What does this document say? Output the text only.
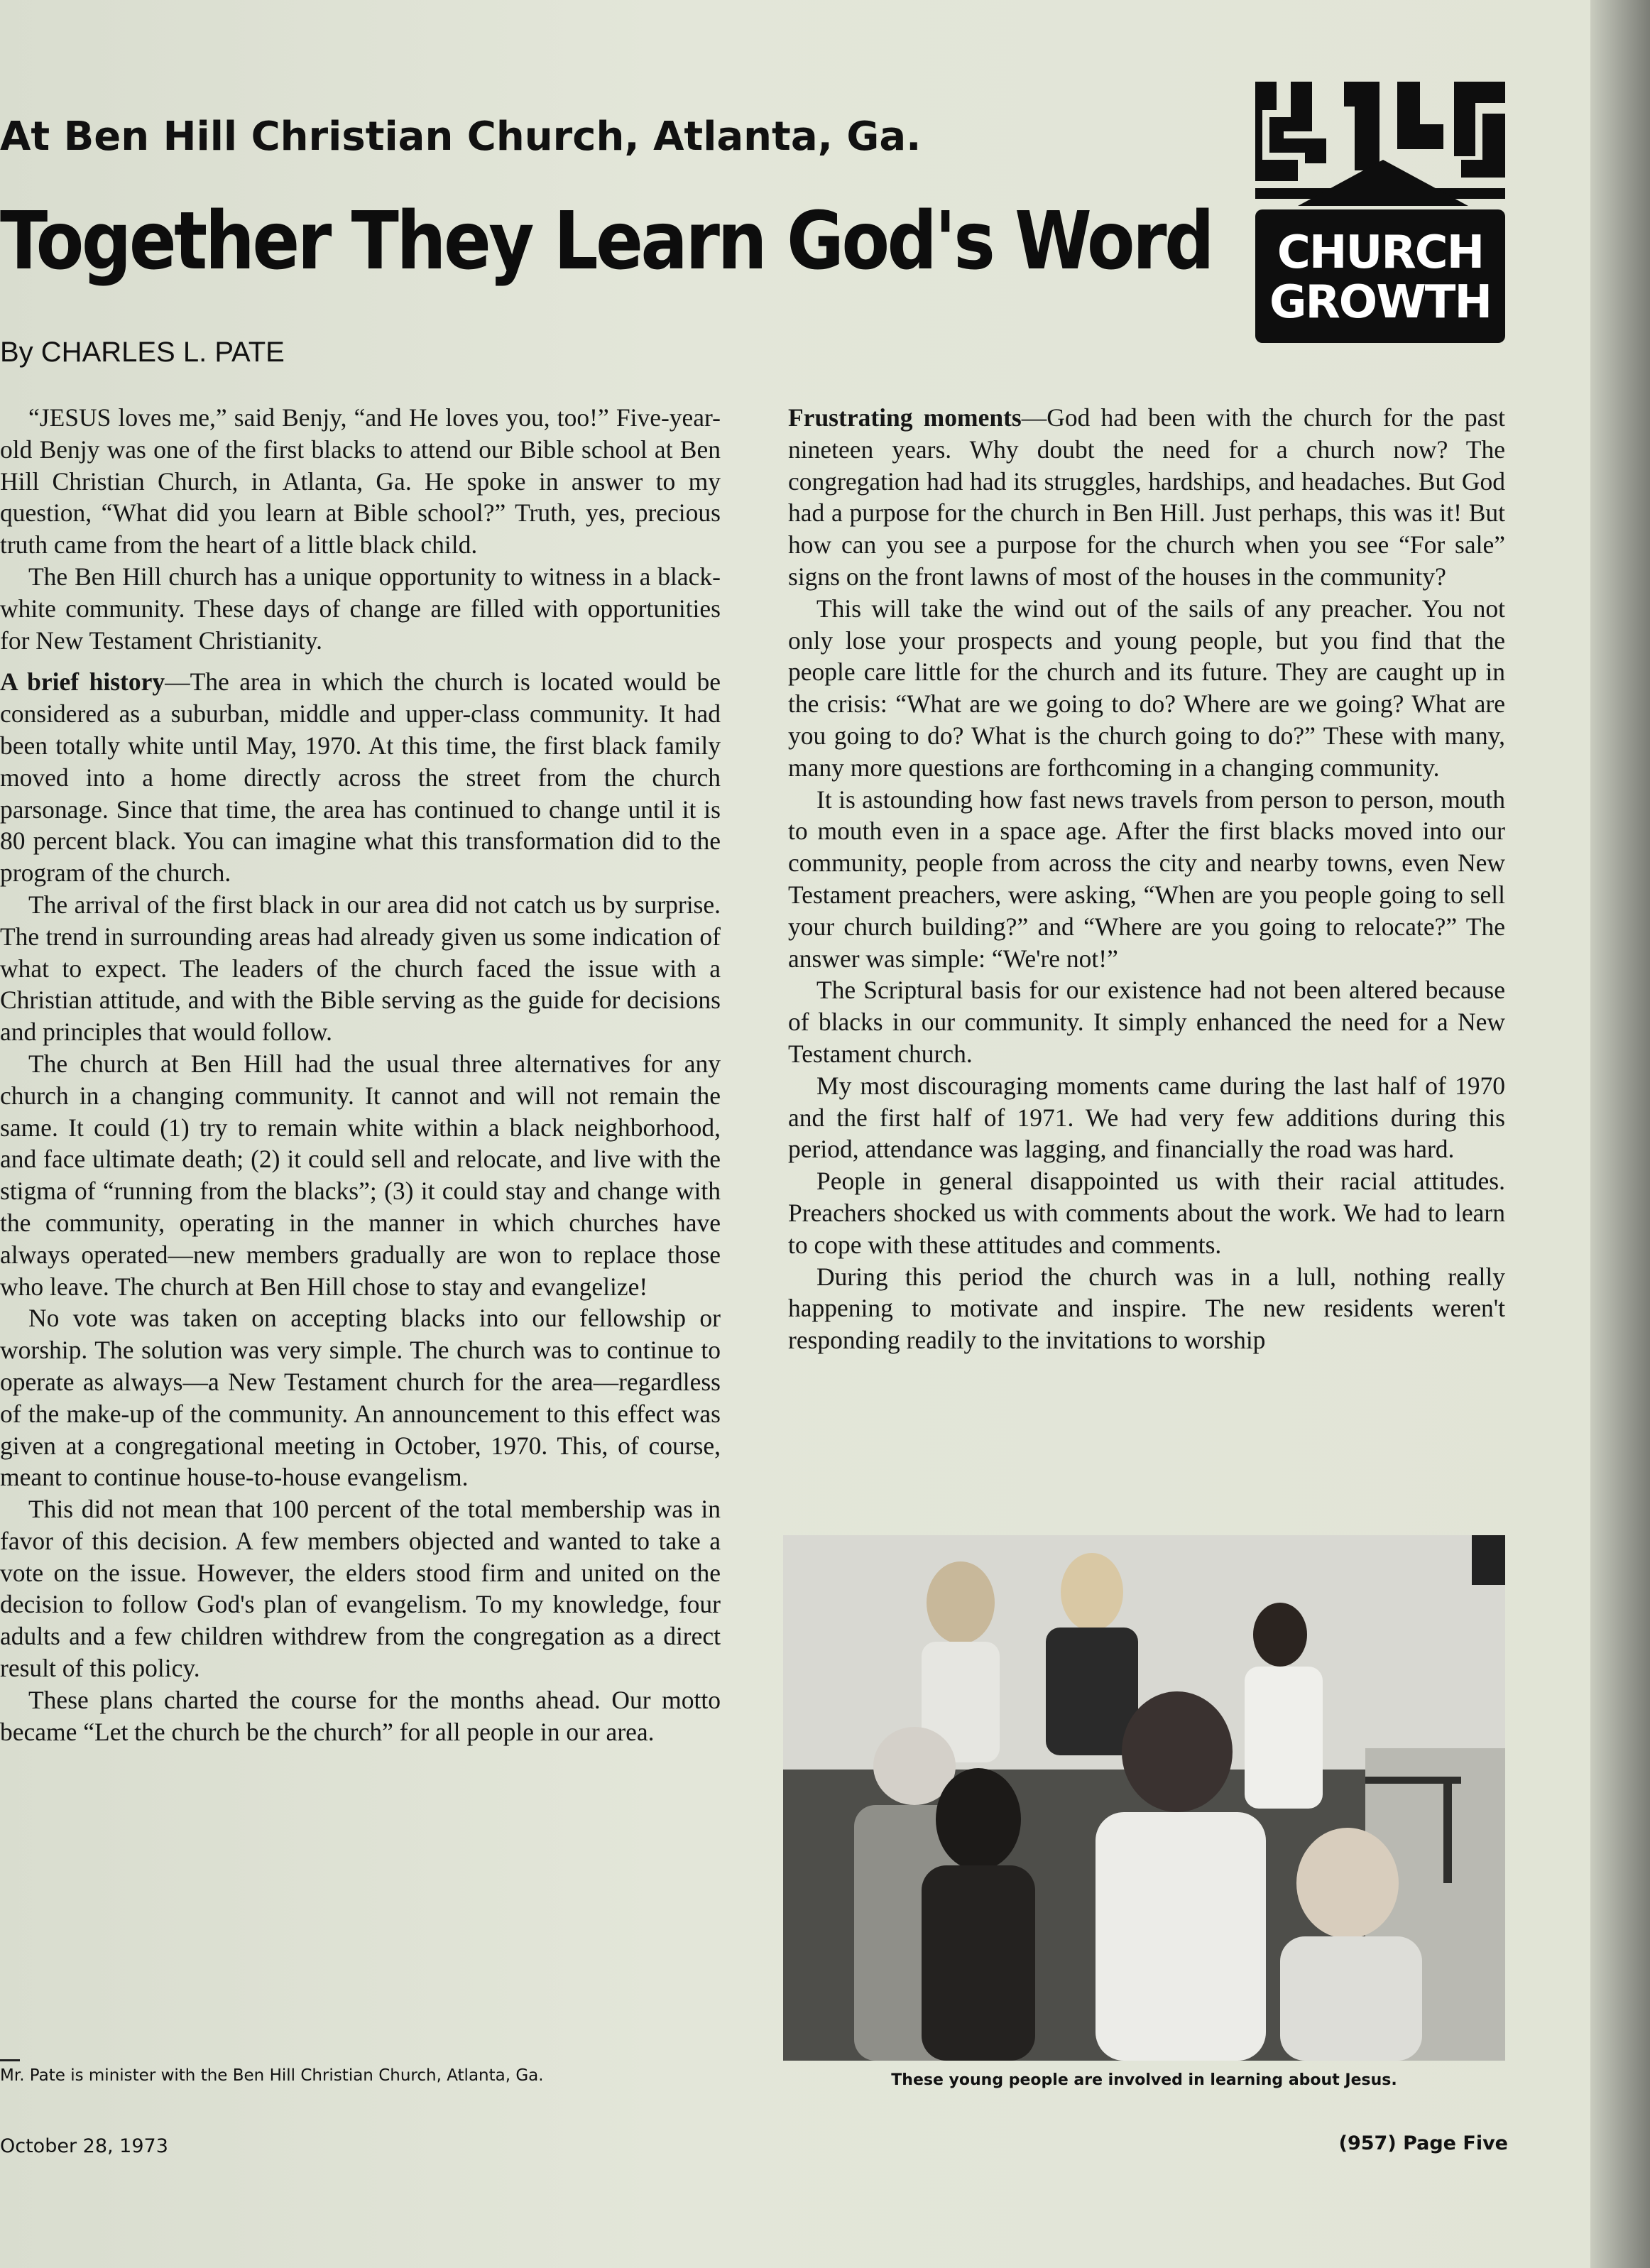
At Ben Hill Christian Church, Atlanta, Ga.
Together They Learn God's Word
By CHARLES L. PATE
CHURCH
GROWTH

“JESUS loves me,” said Benjy, “and He loves you, too!” Five-year-old Benjy was one of the first blacks to attend our Bible school at Ben Hill Christian Church, in Atlanta, Ga. He spoke in answer to my question, “What did you learn at Bible school?” Truth, yes, precious truth came from the heart of a little black child.

The Ben Hill church has a unique opportunity to witness in a black-white community. These days of change are filled with opportunities for New Testament Christianity.

A brief history—The area in which the church is located would be considered as a suburban, middle and upper-class community. It had been totally white until May, 1970. At this time, the first black family moved into a home directly across the street from the church parsonage. Since that time, the area has continued to change until it is 80 percent black. You can imagine what this transformation did to the program of the church.

The arrival of the first black in our area did not catch us by surprise. The trend in surrounding areas had already given us some indication of what to expect. The leaders of the church faced the issue with a Christian attitude, and with the Bible serving as the guide for decisions and principles that would follow.

The church at Ben Hill had the usual three alternatives for any church in a changing community. It cannot and will not remain the same. It could (1) try to remain white within a black neighborhood, and face ultimate death; (2) it could sell and relocate, and live with the stigma of “running from the blacks”; (3) it could stay and change with the community, operating in the manner in which churches have always operated—new members gradually are won to replace those who leave. The church at Ben Hill chose to stay and evangelize!

No vote was taken on accepting blacks into our fellowship or worship. The solution was very simple. The church was to continue to operate as always—a New Testament church for the area—regardless of the make-up of the community. An announcement to this effect was given at a congregational meeting in October, 1970. This, of course, meant to continue house-to-house evangelism.

This did not mean that 100 percent of the total membership was in favor of this decision. A few members objected and wanted to take a vote on the issue. However, the elders stood firm and united on the decision to follow God's plan of evangelism. To my knowledge, four adults and a few children withdrew from the congregation as a direct result of this policy.

These plans charted the course for the months ahead. Our motto became “Let the church be the church” for all people in our area.

Frustrating moments—God had been with the church for the past nineteen years. Why doubt the need for a church now? The congregation had had its struggles, hardships, and headaches. But God had a purpose for the church in Ben Hill. Just perhaps, this was it! But how can you see a purpose for the church when you see “For sale” signs on the front lawns of most of the houses in the community?

This will take the wind out of the sails of any preacher. You not only lose your prospects and young people, but you find that the people care little for the church and its future. They are caught up in the crisis: “What are we going to do? Where are we going? What are you going to do? What is the church going to do?” These with many, many more questions are forthcoming in a changing community.

It is astounding how fast news travels from person to person, mouth to mouth even in a space age. After the first blacks moved into our community, people from across the city and nearby towns, even New Testament preachers, were asking, “When are you people going to sell your church building?” and “Where are you going to relocate?” The answer was simple: “We're not!”

The Scriptural basis for our existence had not been altered because of blacks in our community. It simply enhanced the need for a New Testament church.

My most discouraging moments came during the last half of 1970 and the first half of 1971. We had very few additions during this period, attendance was lagging, and financially the road was hard.

People in general disappointed us with their racial attitudes. Preachers shocked us with comments about the work. We had to learn to cope with these attitudes and comments.

During this period the church was in a lull, nothing really happening to motivate and inspire. The new residents weren't responding readily to the invitations to worship

These young people are involved in learning about Jesus.
Mr. Pate is minister with the Ben Hill Christian Church, Atlanta, Ga.
October 28, 1973	(957) Page Five
